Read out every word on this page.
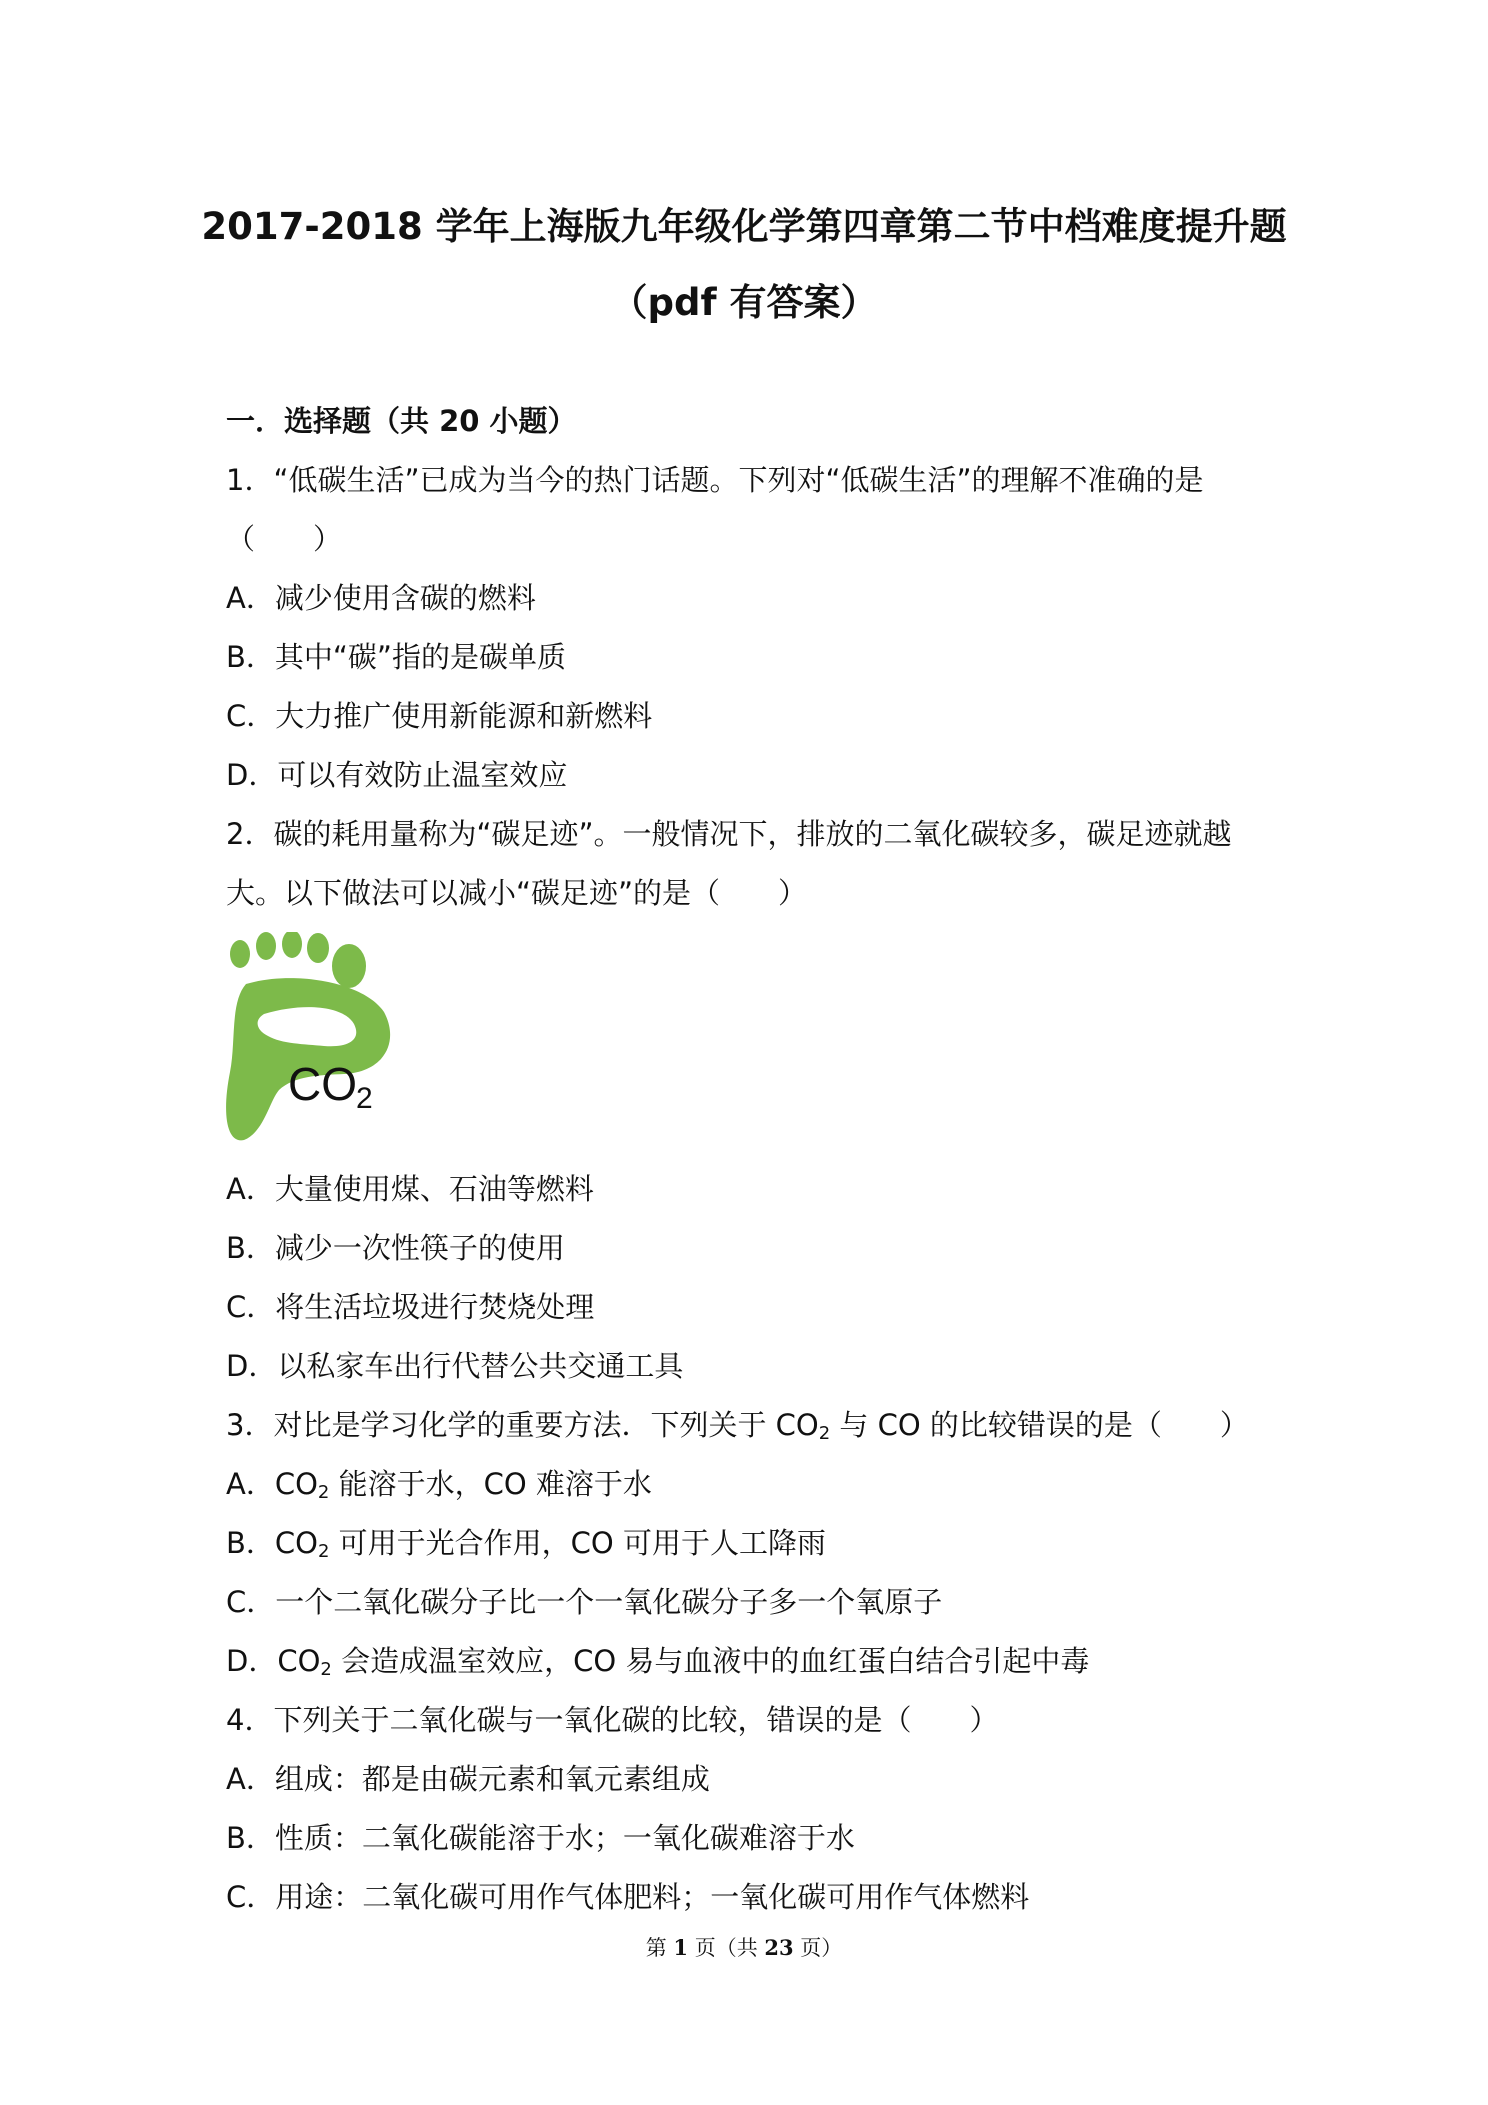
2017-2018 学年上海版九年级化学第四章第二节中档难度提升题
（pdf 有答案）
一．选择题（共 20 小题）
1．“低碳生活”已成为当今的热门话题。下列对“低碳生活”的理解不准确的是
（　　）
A．减少使用含碳的燃料
B．其中“碳”指的是碳单质
C．大力推广使用新能源和新燃料
D．可以有效防止温室效应
2．碳的耗用量称为“碳足迹”。一般情况下，排放的二氧化碳较多，碳足迹就越
大。以下做法可以减小“碳足迹”的是（　　）
CO 2
A．大量使用煤、石油等燃料
B．减少一次性筷子的使用
C．将生活垃圾进行焚烧处理
D．以私家车出行代替公共交通工具
3．对比是学习化学的重要方法．下列关于 $CO_2$ 与 CO 的比较错误的是（　　）
A．$CO_2$ 能溶于水，CO 难溶于水
B．$CO_2$ 可用于光合作用，CO 可用于人工降雨
C．一个二氧化碳分子比一个一氧化碳分子多一个氧原子
D．$CO_2$ 会造成温室效应，CO 易与血液中的血红蛋白结合引起中毒
4．下列关于二氧化碳与一氧化碳的比较，错误的是（　　）
A．组成：都是由碳元素和氧元素组成
B．性质：二氧化碳能溶于水；一氧化碳难溶于水
C．用途：二氧化碳可用作气体肥料；一氧化碳可用作气体燃料
第 1 页（共 23 页）
